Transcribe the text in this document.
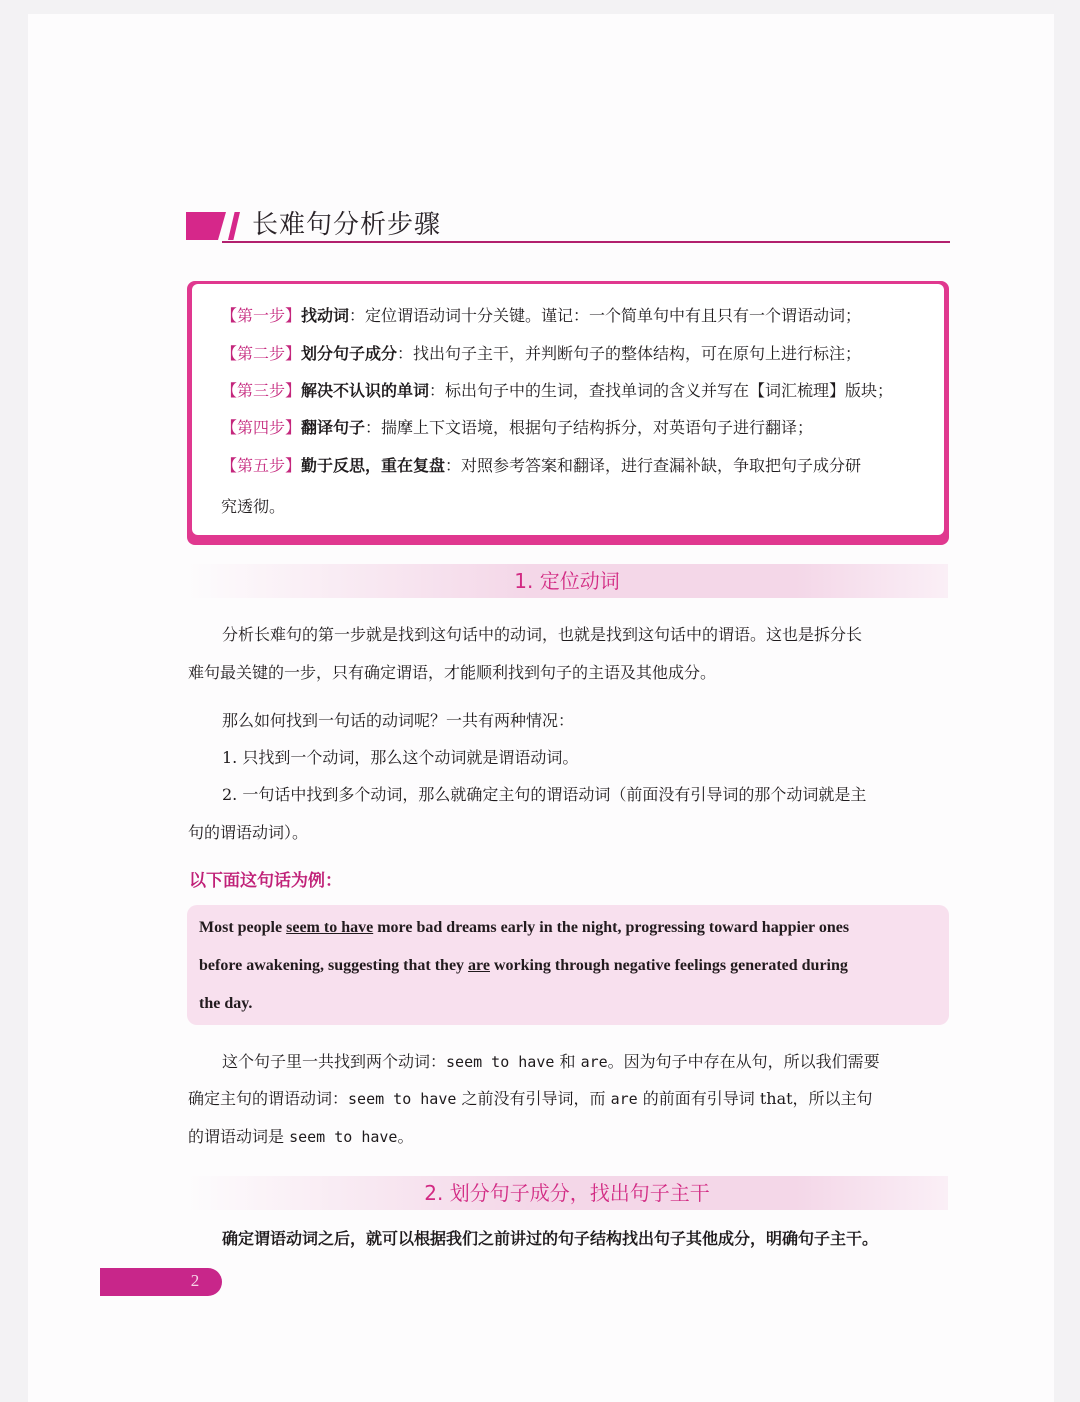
长难句分析步骤
【第一步】找动词：定位谓语动词十分关键。谨记：一个简单句中有且只有一个谓语动词；
【第二步】划分句子成分：找出句子主干，并判断句子的整体结构，可在原句上进行标注；
【第三步】解决不认识的单词：标出句子中的生词，查找单词的含义并写在【词汇梳理】版块；
【第四步】翻译句子：揣摩上下文语境，根据句子结构拆分，对英语句子进行翻译；
【第五步】勤于反思，重在复盘：对照参考答案和翻译，进行查漏补缺，争取把句子成分研
究透彻。
1. 定位动词
分析长难句的第一步就是找到这句话中的动词，也就是找到这句话中的谓语。这也是拆分长
难句最关键的一步，只有确定谓语，才能顺利找到句子的主语及其他成分。
那么如何找到一句话的动词呢？一共有两种情况：
1. 只找到一个动词，那么这个动词就是谓语动词。
2. 一句话中找到多个动词，那么就确定主句的谓语动词（前面没有引导词的那个动词就是主
句的谓语动词）。
以下面这句话为例：
Most people seem to have more bad dreams early in the night, progressing toward happier ones
before awakening, suggesting that they are working through negative feelings generated during
the day.
这个句子里一共找到两个动词：seem to have 和 are。因为句子中存在从句，所以我们需要
确定主句的谓语动词：seem to have 之前没有引导词，而 are 的前面有引导词 that，所以主句
的谓语动词是 seem to have。
2. 划分句子成分，找出句子主干
确定谓语动词之后，就可以根据我们之前讲过的句子结构找出句子其他成分，明确句子主干。
2
